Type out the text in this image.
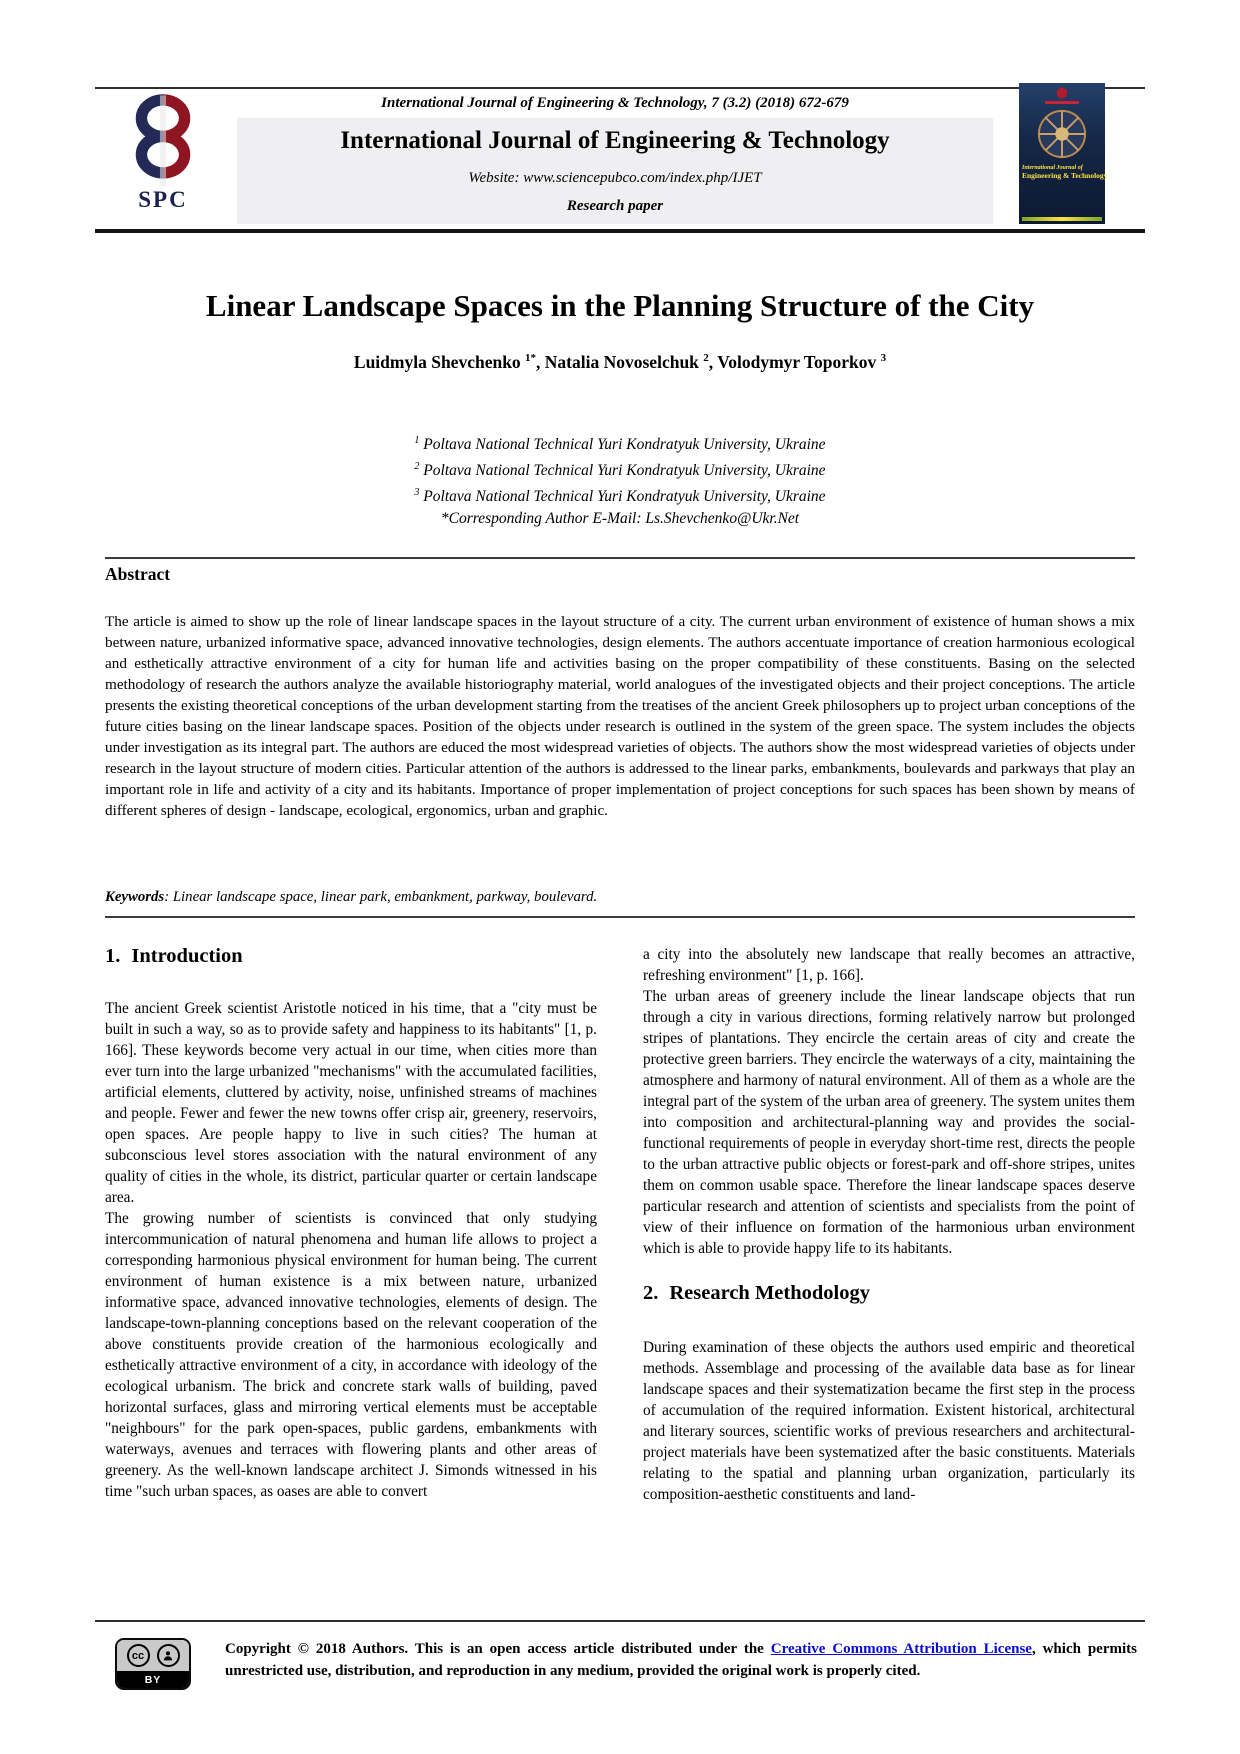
SPC
International Journal of Engineering & Technology, 7 (3.2) (2018) 672-679
International Journal of Engineering & Technology
Website: www.sciencepubco.com/index.php/IJET
Research paper
International Journal of
Engineering & Technology
Linear Landscape Spaces in the Planning Structure of the City
Luidmyla Shevchenko $^{1*}$, Natalia Novoselchuk $^2$, Volodymyr Toporkov $^3$
$^1$ Poltava National Technical Yuri Kondratyuk University, Ukraine
$^2$ Poltava National Technical Yuri Kondratyuk University, Ukraine
$^3$ Poltava National Technical Yuri Kondratyuk University, Ukraine
*Corresponding Author E-Mail: Ls.Shevchenko@Ukr.Net
Abstract
The article is aimed to show up the role of linear landscape spaces in the layout structure of a city. The current urban environment of existence of human shows a mix between nature, urbanized informative space, advanced innovative technologies, design elements. The authors accentuate importance of creation harmonious ecological and esthetically attractive environment of a city for human life and activities basing on the proper compatibility of these constituents. Basing on the selected methodology of research the authors analyze the available historiography material, world analogues of the investigated objects and their project conceptions. The article presents the existing theoretical conceptions of the urban development starting from the treatises of the ancient Greek philosophers up to project urban conceptions of the future cities basing on the linear landscape spaces. Position of the objects under research is outlined in the system of the green space. The system includes the objects under investigation as its integral part. The authors are educed the most widespread varieties of objects. The authors show the most widespread varieties of objects under research in the layout structure of modern cities. Particular attention of the authors is addressed to the linear parks, embankments, boulevards and parkways that play an important role in life and activity of a city and its habitants. Importance of proper implementation of project conceptions for such spaces has been shown by means of different spheres of design - landscape, ecological, ergonomics, urban and graphic.
Keywords: Linear landscape space, linear park, embankment, parkway, boulevard.
1. Introduction

The ancient Greek scientist Aristotle noticed in his time, that a "city must be built in such a way, so as to provide safety and happiness to its habitants" [1, p. 166]. These keywords become very actual in our time, when cities more than ever turn into the large urbanized "mechanisms" with the accumulated facilities, artificial elements, cluttered by activity, noise, unfinished streams of machines and people. Fewer and fewer the new towns offer crisp air, greenery, reservoirs, open spaces. Are people happy to live in such cities? The human at subconscious level stores association with the natural environment of any quality of cities in the whole, its district, particular quarter or certain landscape area.

The growing number of scientists is convinced that only studying intercommunication of natural phenomena and human life allows to project a corresponding harmonious physical environment for human being. The current environment of human existence is a mix between nature, urbanized informative space, advanced innovative technologies, elements of design. The landscape-town-planning conceptions based on the relevant cooperation of the above constituents provide creation of the harmonious ecologically and esthetically attractive environment of a city, in accordance with ideology of the ecological urbanism. The brick and concrete stark walls of building, paved horizontal surfaces, glass and mirroring vertical elements must be acceptable "neighbours" for the park open-spaces, public gardens, embankments with waterways, avenues and terraces with flowering plants and other areas of greenery. As the well-known landscape architect J. Simonds witnessed in his time "such urban spaces, as oases are able to convert

a city into the absolutely new landscape that really becomes an attractive, refreshing environment" [1, p. 166].

The urban areas of greenery include the linear landscape objects that run through a city in various directions, forming relatively narrow but prolonged stripes of plantations. They encircle the certain areas of city and create the protective green barriers. They encircle the waterways of a city, maintaining the atmosphere and harmony of natural environment. All of them as a whole are the integral part of the system of the urban area of greenery. The system unites them into composition and architectural-planning way and provides the social-functional requirements of people in everyday short-time rest, directs the people to the urban attractive public objects or forest-park and off-shore stripes, unites them on common usable space. Therefore the linear landscape spaces deserve particular research and attention of scientists and specialists from the point of view of their influence on formation of the harmonious urban environment which is able to provide happy life to its habitants.

2. Research Methodology

During examination of these objects the authors used empiric and theoretical methods. Assemblage and processing of the available data base as for linear landscape spaces and their systematization became the first step in the process of accumulation of the required information. Existent historical, architectural and literary sources, scientific works of previous researchers and architectural-project materials have been systematized after the basic constituents. Materials relating to the spatial and planning urban organization, particularly its composition-aesthetic constituents and land-

cc
BY
Copyright © 2018 Authors. This is an open access article distributed under the Creative Commons Attribution License, which permits unrestricted use, distribution, and reproduction in any medium, provided the original work is properly cited.
